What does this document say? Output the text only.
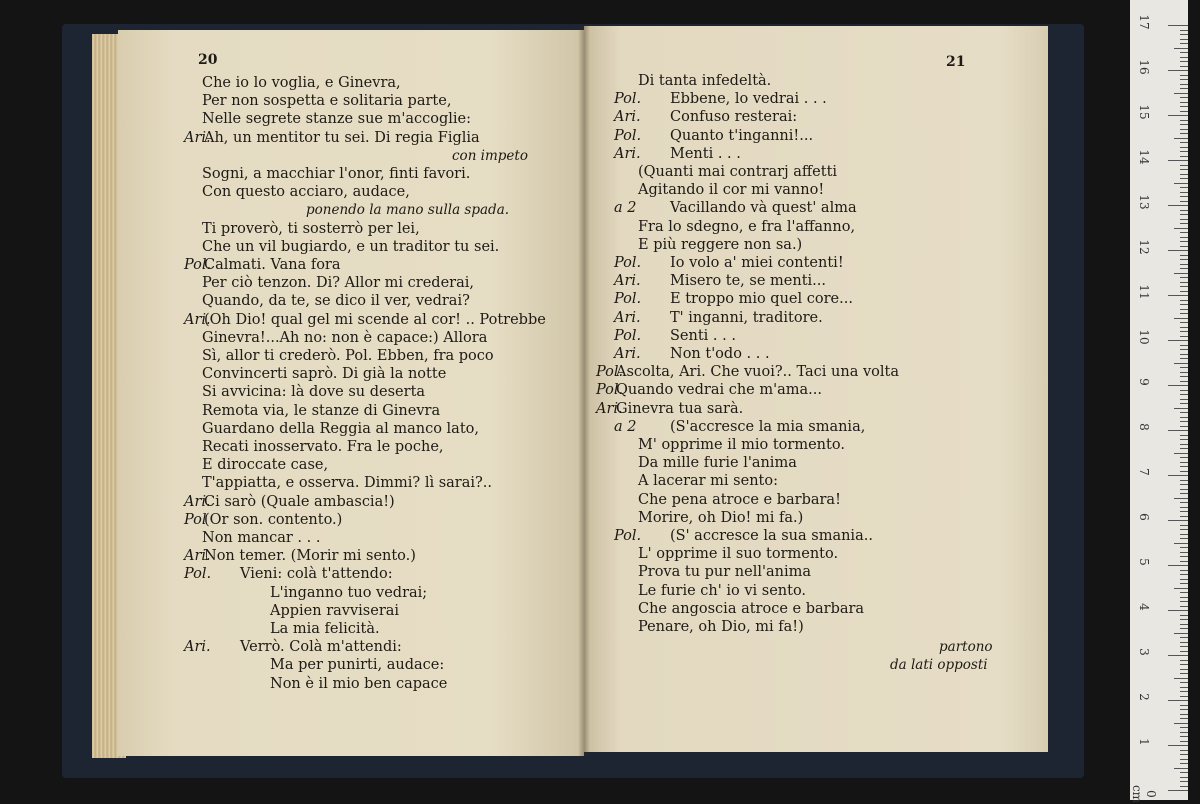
20
Che io lo voglia, e Ginevra,
Per non sospetta e solitaria parte,
Nelle segrete stanze sue m'accoglie:
Ari.Ah, un mentitor tu sei. Di regia Figlia
con impeto
Sogni, a macchiar l'onor, finti favori.
Con questo acciaro, audace,
ponendo la mano sulla spada.
Ti proverò, ti sosterrò per lei,
Che un vil bugiardo, e un traditor tu sei.
Pol.Calmati. Vana fora
Per ciò tenzon. Di? Allor mi crederai,
Quando, da te, se dico il ver, vedrai?
Ari.(Oh Dio! qual gel mi scende al cor! .. Potrebbe
Ginevra!...Ah no: non è capace:) Allora
Sì, allor ti crederò. Pol. Ebben, fra poco
Convincerti saprò. Di già la notte
Si avvicina: là dove su deserta
Remota via, le stanze di Ginevra
Guardano della Reggia al manco lato,
Recati inosservato. Fra le poche,
E diroccate case,
T'appiatta, e osserva. Dimmi? lì sarai?..
Ari.Ci sarò (Quale ambascia!)
Pol(Or son. contento.)
Non mancar . . .
Ari.Non temer. (Morir mi sento.)
Pol. Vieni: colà t'attendo:
L'inganno tuo vedrai;
Appien ravviserai
La mia felicità.
Ari. Verrò. Colà m'attendi:
Ma per punirti, audace:
Non è il mio ben capace
21
Di tanta infedeltà.
Pol. Ebbene, lo vedrai . . .
Ari. Confuso resterai:
Pol. Quanto t'inganni!...
Ari. Menti . . .
(Quanti mai contrarj affetti
Agitando il cor mi vanno!
a 2 Vacillando và quest' alma
Fra lo sdegno, e fra l'affanno,
E più reggere non sa.)
Pol. Io volo a' miei contenti!
Ari. Misero te, se menti...
Pol. E troppo mio quel core...
Ari. T' inganni, traditore.
Pol. Senti . . .
Ari. Non t'odo . . .
Pol.Ascolta, Ari. Che vuoi?.. Taci una volta
Pol.Quando vedrai che m'ama...
Ari.Ginevra tua sarà.
a 2 (S'accresce la mia smania,
M' opprime il mio tormento.
Da mille furie l'anima
A lacerar mi sento:
Che pena atroce e barbara!
Morire, oh Dio! mi fa.)
Pol. (S' accresce la sua smania..
L' opprime il suo tormento.
Prova tu pur nell'anima
Le furie ch' io vi sento.
Che angoscia atroce e barbara
Penare, oh Dio, mi fa!)
partono
da lati opposti
0 cm
1
2
3
4
5
6
7
8
9
10
11
12
13
14
15
16
17
